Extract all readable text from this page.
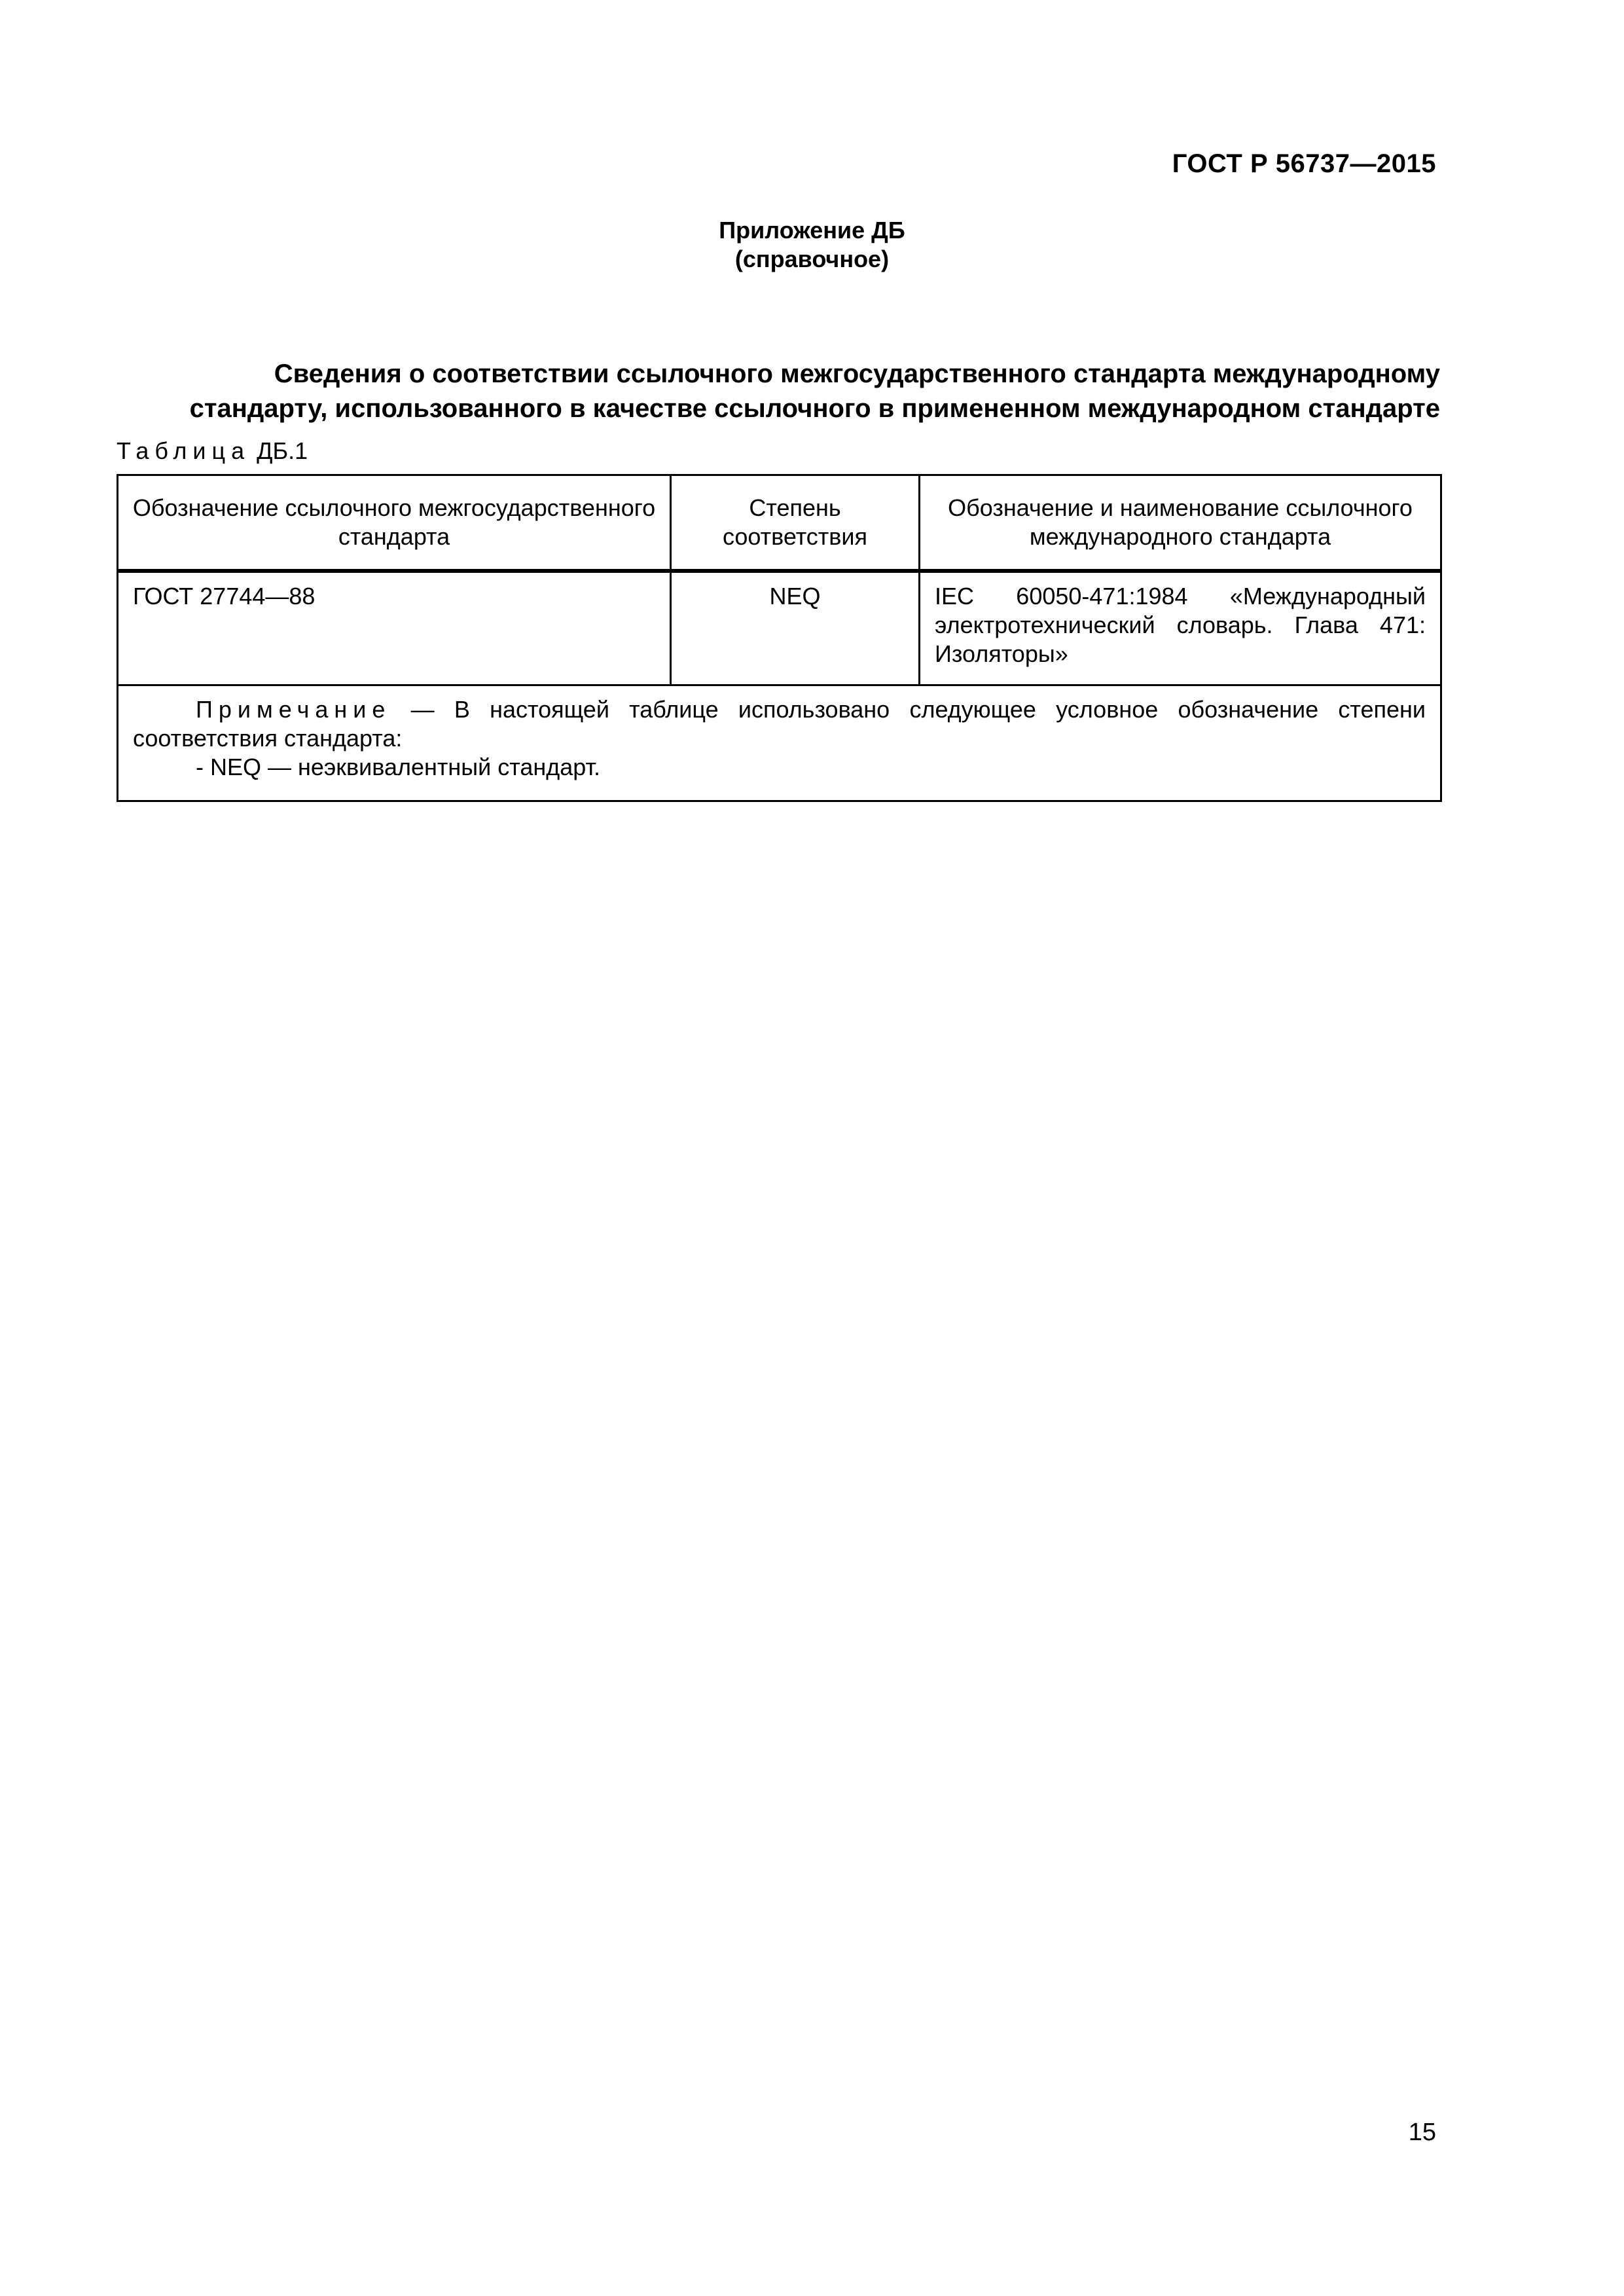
ГОСТ Р 56737—2015
Приложение ДБ
(справочное)
Сведения о соответствии ссылочного межгосударственного стандарта международному
стандарту, использованного в качестве ссылочного в примененном международном стандарте
Таблица ДБ.1
Обозначение ссылочного межгосударственного стандарта	Степень соответствия	Обозначение и наименование ссылочного международного стандарта
ГОСТ 27744—88	NEQ	IEC 60050-471:1984 «Международный электротехнический словарь. Глава 471: Изоляторы»

Примечание — В настоящей таблице использовано следующее условное обозначение степени соответствия стандарта:
- NEQ — неэквивалентный стандарт.		
15
